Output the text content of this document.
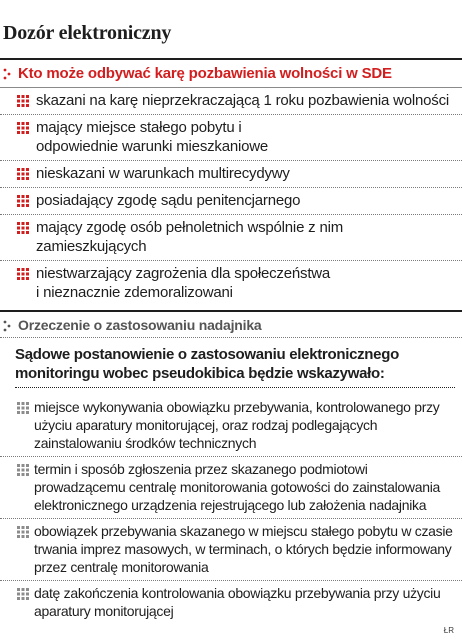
Dozór elektroniczny
Kto może odbywać karę pozbawienia wolności w SDE
skazani na karę nieprzekraczającą 1 roku pozbawienia wolności
mający miejsce stałego pobytu i odpowiednie warunki mieszkaniowe
nieskazani w warunkach multirecydywy
posiadający zgodę sądu penitencjarnego
mający zgodę osób pełnoletnich wspólnie z nim zamieszkujących
niestwarzający zagrożenia dla społeczeństwa i nieznacznie zdemoralizowani
Orzeczenie o zastosowaniu nadajnika
Sądowe postanowienie o zastosowaniu elektronicznego monitoringu wobec pseudokibica będzie wskazywało:
miejsce wykonywania obowiązku przebywania, kontrolowanego przy użyciu aparatury monitorującej, oraz rodzaj podlegających zainstalowaniu środków technicznych
termin i sposób zgłoszenia przez skazanego podmiotowi prowadzącemu centralę monitorowania gotowości do zainstalowania elektronicznego urządzenia rejestrującego lub założenia nadajnika
obowiązek przebywania skazanego w miejscu stałego pobytu w czasie trwania imprez masowych, w terminach, o których będzie informowany przez centralę monitorowania
datę zakończenia kontrolowania obowiązku przebywania przy użyciu aparatury monitorującej
ŁR
